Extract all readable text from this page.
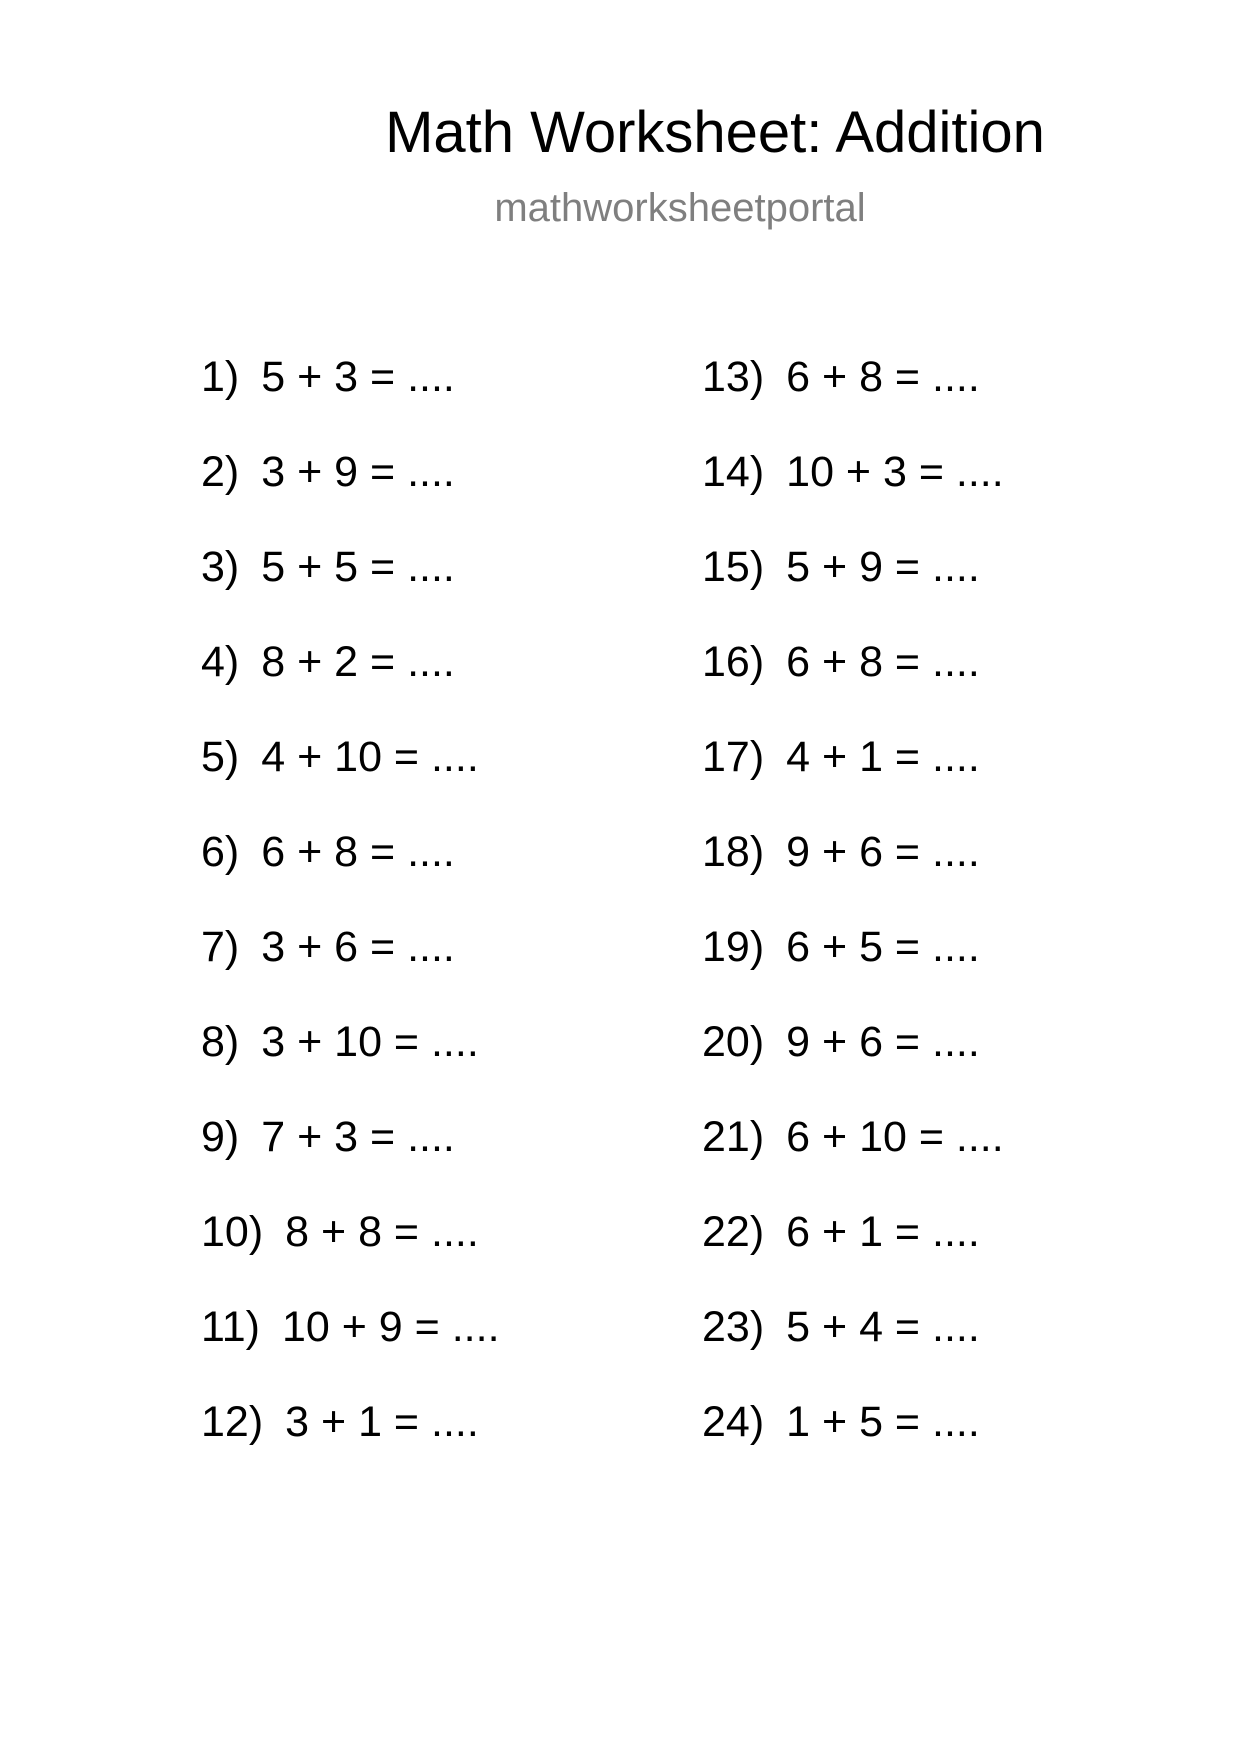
Math Worksheet: Addition
mathworksheetportal
1) 5 + 3 = ....
2) 3 + 9 = ....
3) 5 + 5 = ....
4) 8 + 2 = ....
5) 4 + 10 = ....
6) 6 + 8 = ....
7) 3 + 6 = ....
8) 3 + 10 = ....
9) 7 + 3 = ....
10) 8 + 8 = ....
11) 10 + 9 = ....
12) 3 + 1 = ....
13) 6 + 8 = ....
14) 10 + 3 = ....
15) 5 + 9 = ....
16) 6 + 8 = ....
17) 4 + 1 = ....
18) 9 + 6 = ....
19) 6 + 5 = ....
20) 9 + 6 = ....
21) 6 + 10 = ....
22) 6 + 1 = ....
23) 5 + 4 = ....
24) 1 + 5 = ....
